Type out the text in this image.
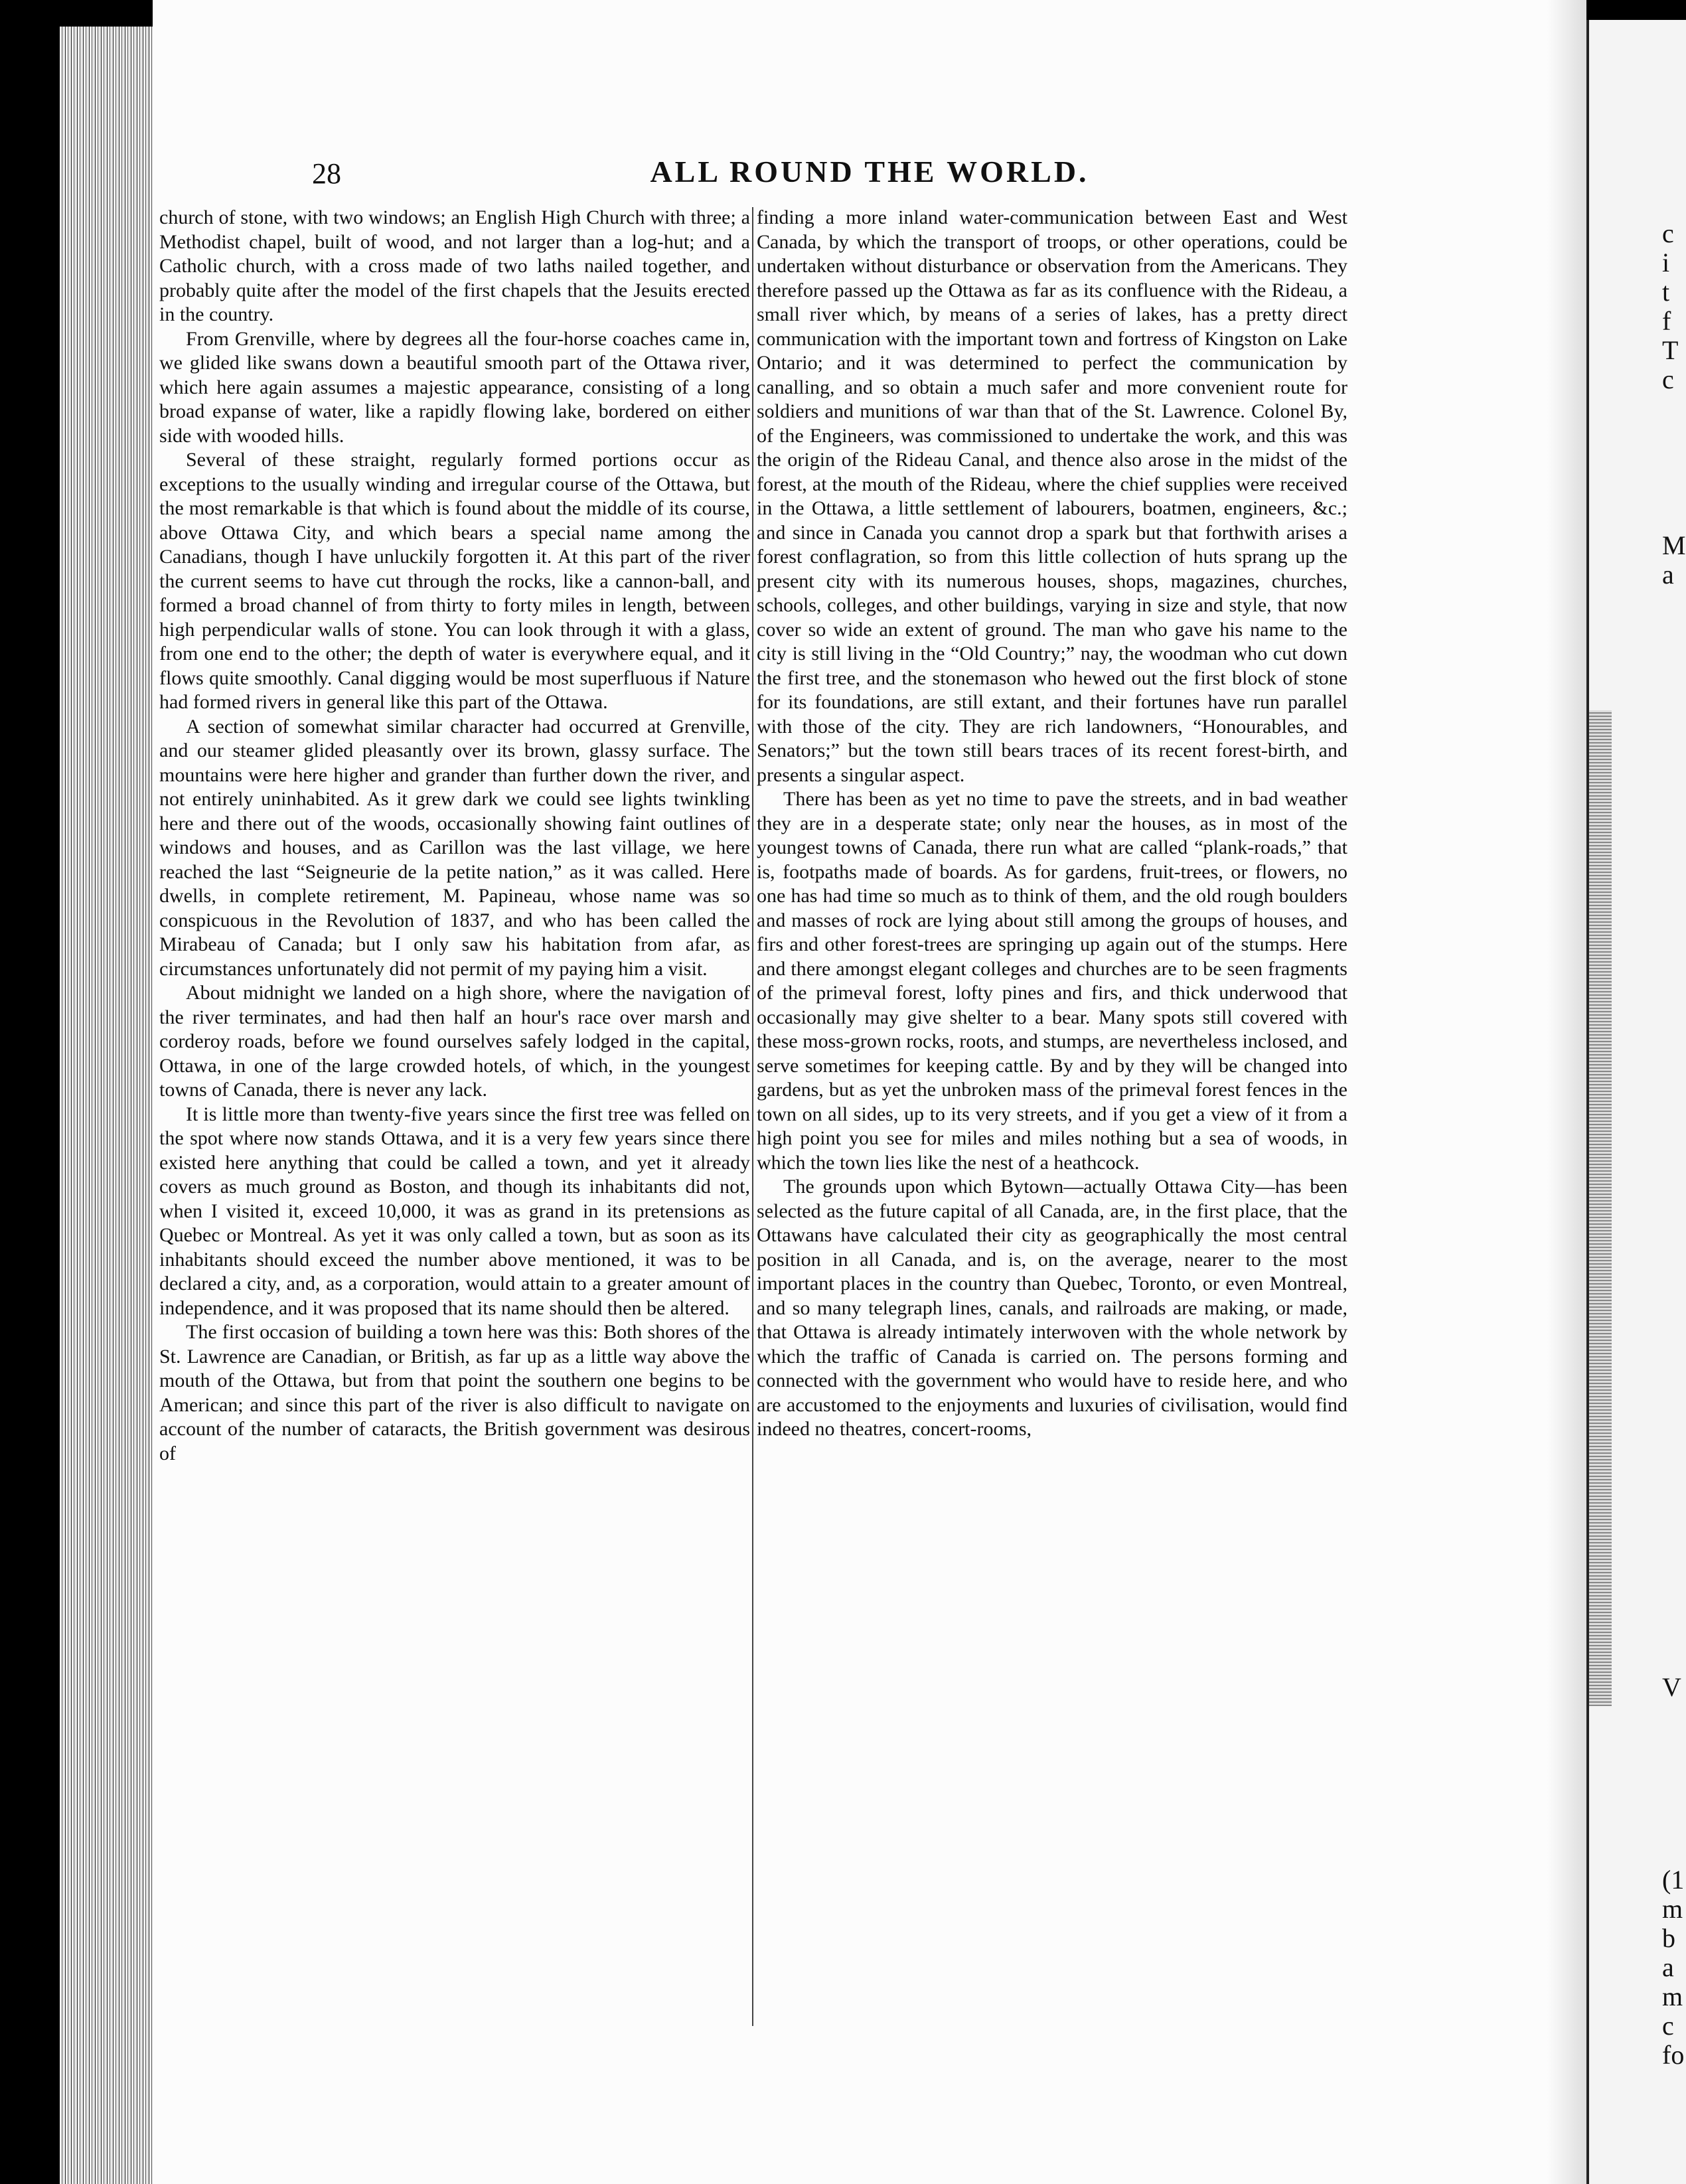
28	ALL ROUND THE WORLD.

church of stone, with two windows; an English High Church with three; a Methodist chapel, built of wood, and not larger than a log-hut; and a Catholic church, with a cross made of two laths nailed together, and probably quite after the model of the first chapels that the Jesuits erected in the country.

From Grenville, where by degrees all the four-horse coaches came in, we glided like swans down a beautiful smooth part of the Ottawa river, which here again assumes a majestic appearance, consisting of a long broad expanse of water, like a rapidly flowing lake, bordered on either side with wooded hills.

Several of these straight, regularly formed portions occur as exceptions to the usually winding and irregular course of the Ottawa, but the most remarkable is that which is found about the middle of its course, above Ottawa City, and which bears a special name among the Canadians, though I have unluckily forgotten it. At this part of the river the current seems to have cut through the rocks, like a cannon-ball, and formed a broad channel of from thirty to forty miles in length, between high perpendicular walls of stone. You can look through it with a glass, from one end to the other; the depth of water is everywhere equal, and it flows quite smoothly. Canal digging would be most superfluous if Nature had formed rivers in general like this part of the Ottawa.

A section of somewhat similar character had occurred at Grenville, and our steamer glided pleasantly over its brown, glassy surface. The mountains were here higher and grander than further down the river, and not entirely uninhabited. As it grew dark we could see lights twinkling here and there out of the woods, occasionally showing faint outlines of windows and houses, and as Carillon was the last village, we here reached the last “Seigneurie de la petite nation,” as it was called. Here dwells, in complete retirement, M. Papineau, whose name was so conspicuous in the Revolution of 1837, and who has been called the Mirabeau of Canada; but I only saw his habitation from afar, as circumstances unfortunately did not permit of my paying him a visit.

About midnight we landed on a high shore, where the navigation of the river terminates, and had then half an hour's race over marsh and corderoy roads, before we found ourselves safely lodged in the capital, Ottawa, in one of the large crowded hotels, of which, in the youngest towns of Canada, there is never any lack.

It is little more than twenty-five years since the first tree was felled on the spot where now stands Ottawa, and it is a very few years since there existed here anything that could be called a town, and yet it already covers as much ground as Boston, and though its inhabitants did not, when I visited it, exceed 10,000, it was as grand in its pretensions as Quebec or Montreal. As yet it was only called a town, but as soon as its inhabitants should exceed the number above mentioned, it was to be declared a city, and, as a corporation, would attain to a greater amount of independence, and it was proposed that its name should then be altered.

The first occasion of building a town here was this: Both shores of the St. Lawrence are Canadian, or British, as far up as a little way above the mouth of the Ottawa, but from that point the southern one begins to be American; and since this part of the river is also difficult to navigate on account of the number of cataracts, the British government was desirous of

finding a more inland water-communication between East and West Canada, by which the transport of troops, or other operations, could be undertaken without disturbance or observation from the Americans. They therefore passed up the Ottawa as far as its confluence with the Rideau, a small river which, by means of a series of lakes, has a pretty direct communication with the important town and fortress of Kingston on Lake Ontario; and it was determined to perfect the communication by canalling, and so obtain a much safer and more convenient route for soldiers and munitions of war than that of the St. Lawrence. Colonel By, of the Engineers, was commissioned to undertake the work, and this was the origin of the Rideau Canal, and thence also arose in the midst of the forest, at the mouth of the Rideau, where the chief supplies were received in the Ottawa, a little settlement of labourers, boatmen, engineers, &c.; and since in Canada you cannot drop a spark but that forthwith arises a forest conflagration, so from this little collection of huts sprang up the present city with its numerous houses, shops, magazines, churches, schools, colleges, and other buildings, varying in size and style, that now cover so wide an extent of ground. The man who gave his name to the city is still living in the “Old Country;” nay, the woodman who cut down the first tree, and the stonemason who hewed out the first block of stone for its foundations, are still extant, and their fortunes have run parallel with those of the city. They are rich landowners, “Honourables, and Senators;” but the town still bears traces of its recent forest-birth, and presents a singular aspect.

There has been as yet no time to pave the streets, and in bad weather they are in a desperate state; only near the houses, as in most of the youngest towns of Canada, there run what are called “plank-roads,” that is, footpaths made of boards. As for gardens, fruit-trees, or flowers, no one has had time so much as to think of them, and the old rough boulders and masses of rock are lying about still among the groups of houses, and firs and other forest-trees are springing up again out of the stumps. Here and there amongst elegant colleges and churches are to be seen fragments of the primeval forest, lofty pines and firs, and thick underwood that occasionally may give shelter to a bear. Many spots still covered with these moss-grown rocks, roots, and stumps, are nevertheless inclosed, and serve sometimes for keeping cattle. By and by they will be changed into gardens, but as yet the unbroken mass of the primeval forest fences in the town on all sides, up to its very streets, and if you get a view of it from a high point you see for miles and miles nothing but a sea of woods, in which the town lies like the nest of a heathcock.

The grounds upon which Bytown—actually Ottawa City—has been selected as the future capital of all Canada, are, in the first place, that the Ottawans have calculated their city as geographically the most central position in all Canada, and is, on the average, nearer to the most important places in the country than Quebec, Toronto, or even Montreal, and so many telegraph lines, canals, and railroads are making, or made, that Ottawa is already intimately interwoven with the whole network by which the traffic of Canada is carried on. The persons forming and connected with the government who would have to reside here, and who are accustomed to the enjoyments and luxuries of civilisation, would find indeed no theatres, concert-rooms,

c
i
t
f
T
c
M
a
V
(1
m
b
a
m
c
fo
